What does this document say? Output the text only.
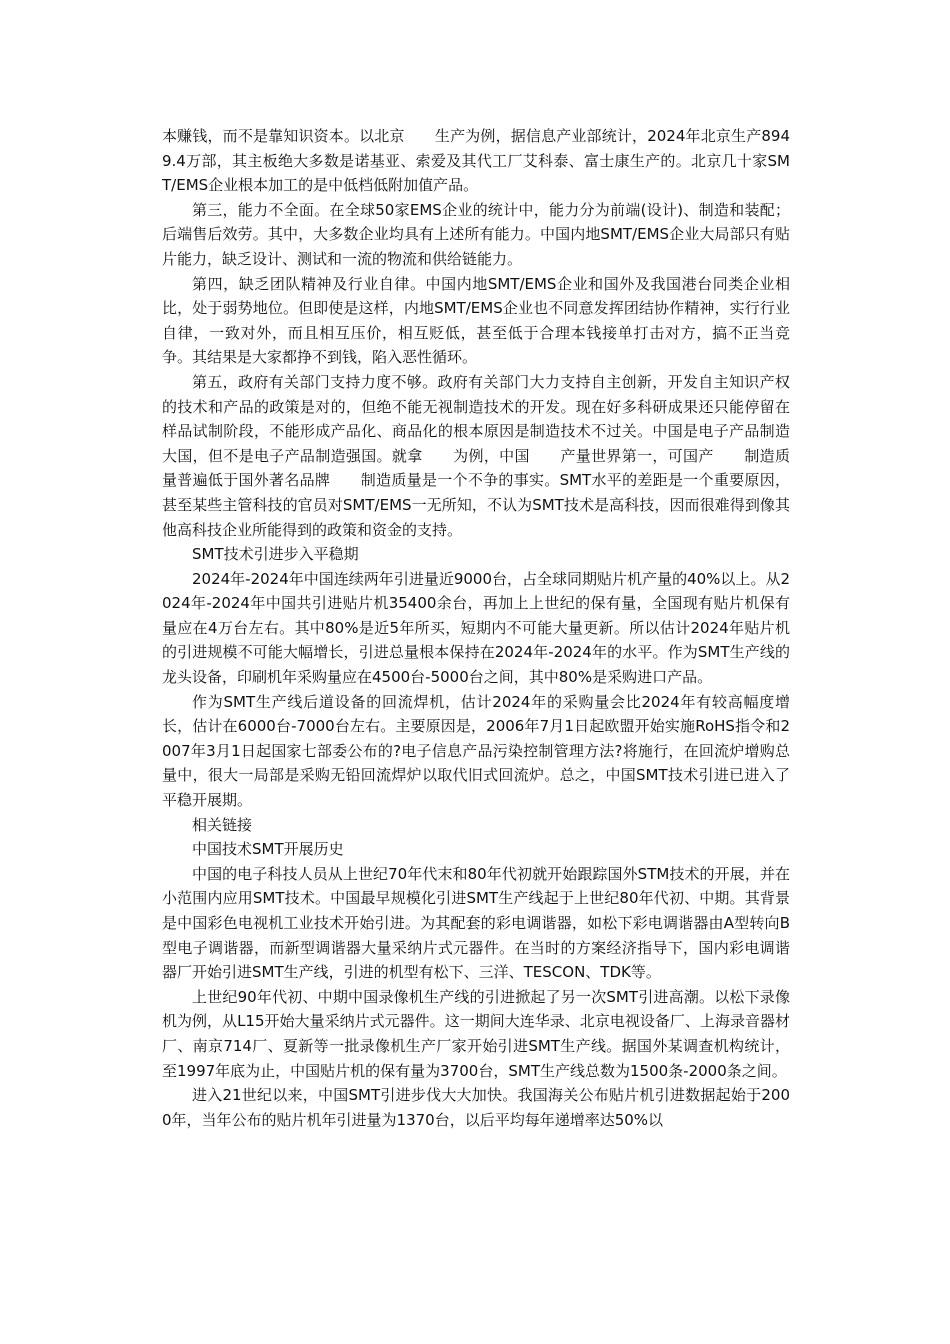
本赚钱，而不是靠知识资本。以北京　　生产为例，据信息产业部统计，2024年北京生产8949.4万部，其主板绝大多数是诺基亚、索爱及其代工厂艾科泰、富士康生产的。北京几十家SMT/EMS企业根本加工的是中低档低附加值产品。

第三，能力不全面。在全球50家EMS企业的统计中，能力分为前端(设计)、制造和装配；后端售后效劳。其中，大多数企业均具有上述所有能力。中国内地SMT/EMS企业大局部只有贴片能力，缺乏设计、测试和一流的物流和供给链能力。

第四，缺乏团队精神及行业自律。中国内地SMT/EMS企业和国外及我国港台同类企业相比，处于弱势地位。但即使是这样，内地SMT/EMS企业也不同意发挥团结协作精神，实行行业自律，一致对外，而且相互压价，相互贬低，甚至低于合理本钱接单打击对方，搞不正当竞争。其结果是大家都挣不到钱，陷入恶性循环。

第五，政府有关部门支持力度不够。政府有关部门大力支持自主创新，开发自主知识产权的技术和产品的政策是对的，但绝不能无视制造技术的开发。现在好多科研成果还只能停留在样品试制阶段，不能形成产品化、商品化的根本原因是制造技术不过关。中国是电子产品制造大国，但不是电子产品制造强国。就拿　　为例，中国　　产量世界第一，可国产　　制造质量普遍低于国外著名品牌　　制造质量是一个不争的事实。SMT水平的差距是一个重要原因，甚至某些主管科技的官员对SMT/EMS一无所知，不认为SMT技术是高科技，因而很难得到像其他高科技企业所能得到的政策和资金的支持。

SMT技术引进步入平稳期

2024年-2024年中国连续两年引进量近9000台，占全球同期贴片机产量的40%以上。从2024年-2024年中国共引进贴片机35400余台，再加上上世纪的保有量，全国现有贴片机保有量应在4万台左右。其中80%是近5年所买，短期内不可能大量更新。所以估计2024年贴片机的引进规模不可能大幅增长，引进总量根本保持在2024年-2024年的水平。作为SMT生产线的龙头设备，印刷机年采购量应在4500台-5000台之间，其中80%是采购进口产品。

作为SMT生产线后道设备的回流焊机，估计2024年的采购量会比2024年有较高幅度增长，估计在6000台-7000台左右。主要原因是，2006年7月1日起欧盟开始实施RoHS指令和2007年3月1日起国家七部委公布的?电子信息产品污染控制管理方法?将施行，在回流炉增购总量中，很大一局部是采购无铅回流焊炉以取代旧式回流炉。总之，中国SMT技术引进已进入了平稳开展期。

相关链接

中国技术SMT开展历史

中国的电子科技人员从上世纪70年代末和80年代初就开始跟踪国外STM技术的开展，并在小范围内应用SMT技术。中国最早规模化引进SMT生产线起于上世纪80年代初、中期。其背景是中国彩色电视机工业技术开始引进。为其配套的彩电调谐器，如松下彩电调谐器由A型转向B型电子调谐器，而新型调谐器大量采纳片式元器件。在当时的方案经济指导下，国内彩电调谐器厂开始引进SMT生产线，引进的机型有松下、三洋、TESCON、TDK等。

上世纪90年代初、中期中国录像机生产线的引进掀起了另一次SMT引进高潮。以松下录像机为例，从L15开始大量采纳片式元器件。这一期间大连华录、北京电视设备厂、上海录音器材厂、南京714厂、夏新等一批录像机生产厂家开始引进SMT生产线。据国外某调查机构统计，至1997年底为止，中国贴片机的保有量为3700台，SMT生产线总数为1500条-2000条之间。

进入21世纪以来，中国SMT引进步伐大大加快。我国海关公布贴片机引进数据起始于2000年，当年公布的贴片机年引进量为1370台，以后平均每年递增率达50%以
